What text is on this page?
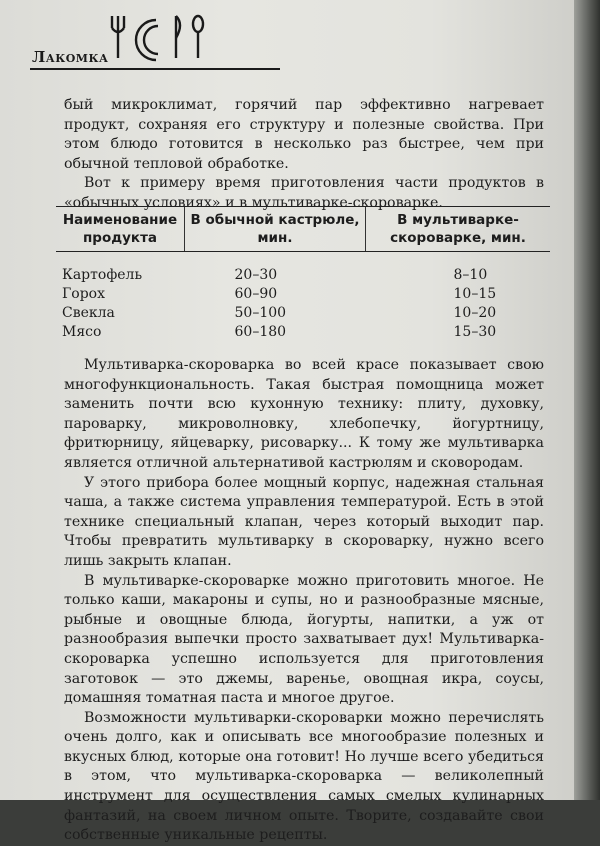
Лакомка

бый микроклимат, горячий пар эффективно нагревает продукт, сохраняя его структуру и полезные свойства. При этом блюдо готовится в несколько раз быстрее, чем при обычной тепловой обработке.

Вот к примеру время приготовления части продуктов в «обычных условиях» и в мультиварке-скороварке.

Наименование продукта	В обычной кастрюле, мин.	В мультиварке-скороварке, мин.
Картофель	20–30	8–10
Горох	60–90	10–15
Свекла	50–100	10–20
Мясо	60–180	15–30

Мультиварка-скороварка во всей красе показывает свою многофункциональность. Такая быстрая помощница может заменить почти всю кухонную технику: плиту, духовку, пароварку, микроволновку, хлебопечку, йогуртницу, фритюрницу, яйцеварку, рисоварку... К тому же мультиварка является отличной альтернативой кастрюлям и сковородам.

У этого прибора более мощный корпус, надежная стальная чаша, а также система управления температурой. Есть в этой технике специальный клапан, через который выходит пар. Чтобы превратить мультиварку в скороварку, нужно всего лишь закрыть клапан.

В мультиварке-скороварке можно приготовить многое. Не только каши, макароны и супы, но и разнообразные мясные, рыбные и овощные блюда, йогурты, напитки, а уж от разнообразия выпечки просто захватывает дух! Мультиварка-скороварка успешно используется для приготовления заготовок — это джемы, варенье, овощная икра, соусы, домашняя томатная паста и многое другое.

Возможности мультиварки-скороварки можно перечислять очень долго, как и описывать все многообразие полезных и вкусных блюд, которые она готовит! Но лучше всего убедиться в этом, что мультиварка-скороварка — великолепный инструмент для осуществления самых смелых кулинарных фантазий, на своем личном опыте. Творите, создавайте свои собственные уникальные рецепты.
